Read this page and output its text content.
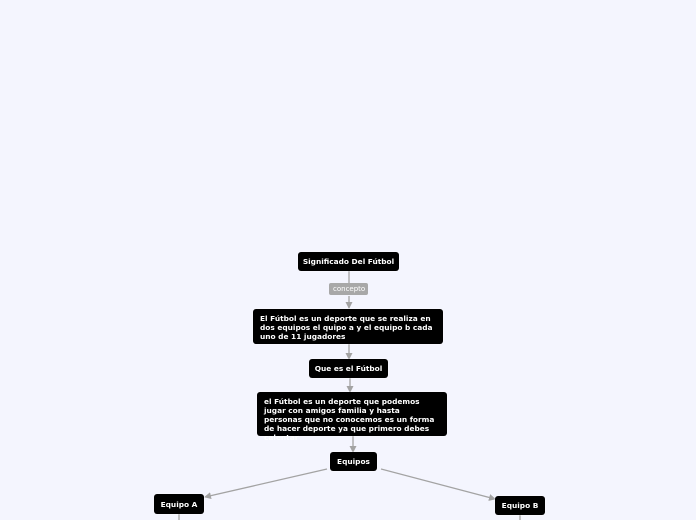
Significado Del Fútbol
concepto
El Fútbol es un deporte que se realiza en dos equipos el quipo a y el equipo b cada uno de 11 jugadores
Que es el Fútbol
el Fútbol es un deporte que podemos jugar con amigos familia y hasta personas que no conocemos es un forma de hacer deporte ya que primero debes calentar
Equipos
Equipo A	Equipo B
